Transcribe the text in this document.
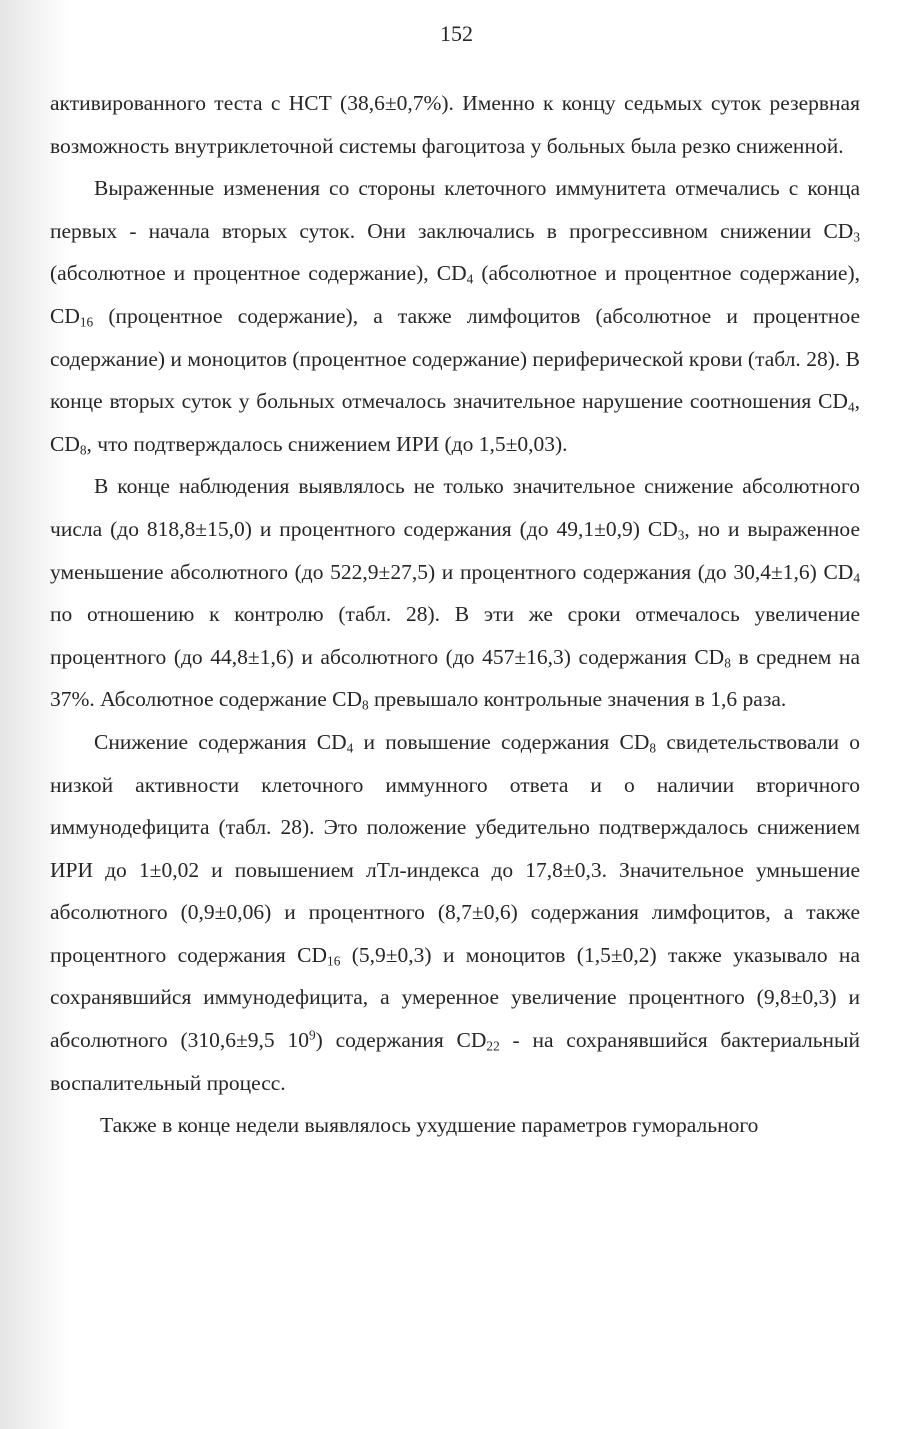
152

активированного теста с НСТ (38,6±0,7%). Именно к концу седьмых суток резервная возможность внутриклеточной системы фагоцитоза у больных была резко сниженной.

Выраженные изменения со стороны клеточного иммунитета отмечались с конца первых - начала вторых суток. Они заключались в прогрессивном снижении $CD_3$ (абсолютное и процентное содержание), $CD_4$ (абсолютное и процентное содержание), $CD_{16}$ (процентное содержание), а также лимфоцитов (абсолютное и процентное содержание) и моноцитов (процентное содержание) периферической крови (табл. 28). В конце вторых суток у больных отмечалось значительное нарушение соотношения $CD_4$, $CD_8$, что подтверждалось снижением ИРИ (до 1,5±0,03).

В конце наблюдения выявлялось не только значительное снижение абсолютного числа (до 818,8±15,0) и процентного содержания (до 49,1±0,9) $CD_3$, но и выраженное уменьшение абсолютного (до 522,9±27,5) и процентного содержания (до 30,4±1,6) $CD_4$ по отношению к контролю (табл. 28). В эти же сроки отмечалось увеличение процентного (до 44,8±1,6) и абсолютного (до 457±16,3) содержания $CD_8$ в среднем на 37%. Абсолютное содержание $CD_8$ превышало контрольные значения в 1,6 раза.

Снижение содержания $CD_4$ и повышение содержания $CD_8$ свидетельствовали о низкой активности клеточного иммунного ответа и о наличии вторичного иммунодефицита (табл. 28). Это положение убедительно подтверждалось снижением ИРИ до 1±0,02 и повышением лТл-индекса до 17,8±0,3. Значительное умньшение абсолютного (0,9±0,06) и процентного (8,7±0,6) содержания лимфоцитов, а также процентного содержания $CD_{16}$ (5,9±0,3) и моноцитов (1,5±0,2) также указывало на сохранявшийся иммунодефицита, а умеренное увеличение процентного (9,8±0,3) и абсолютного (310,6±9,5 $10^9$) содержания $CD_{22}$ - на сохранявшийся бактериальный воспалительный процесс.

Также в конце недели выявлялось ухудшение параметров гуморального
